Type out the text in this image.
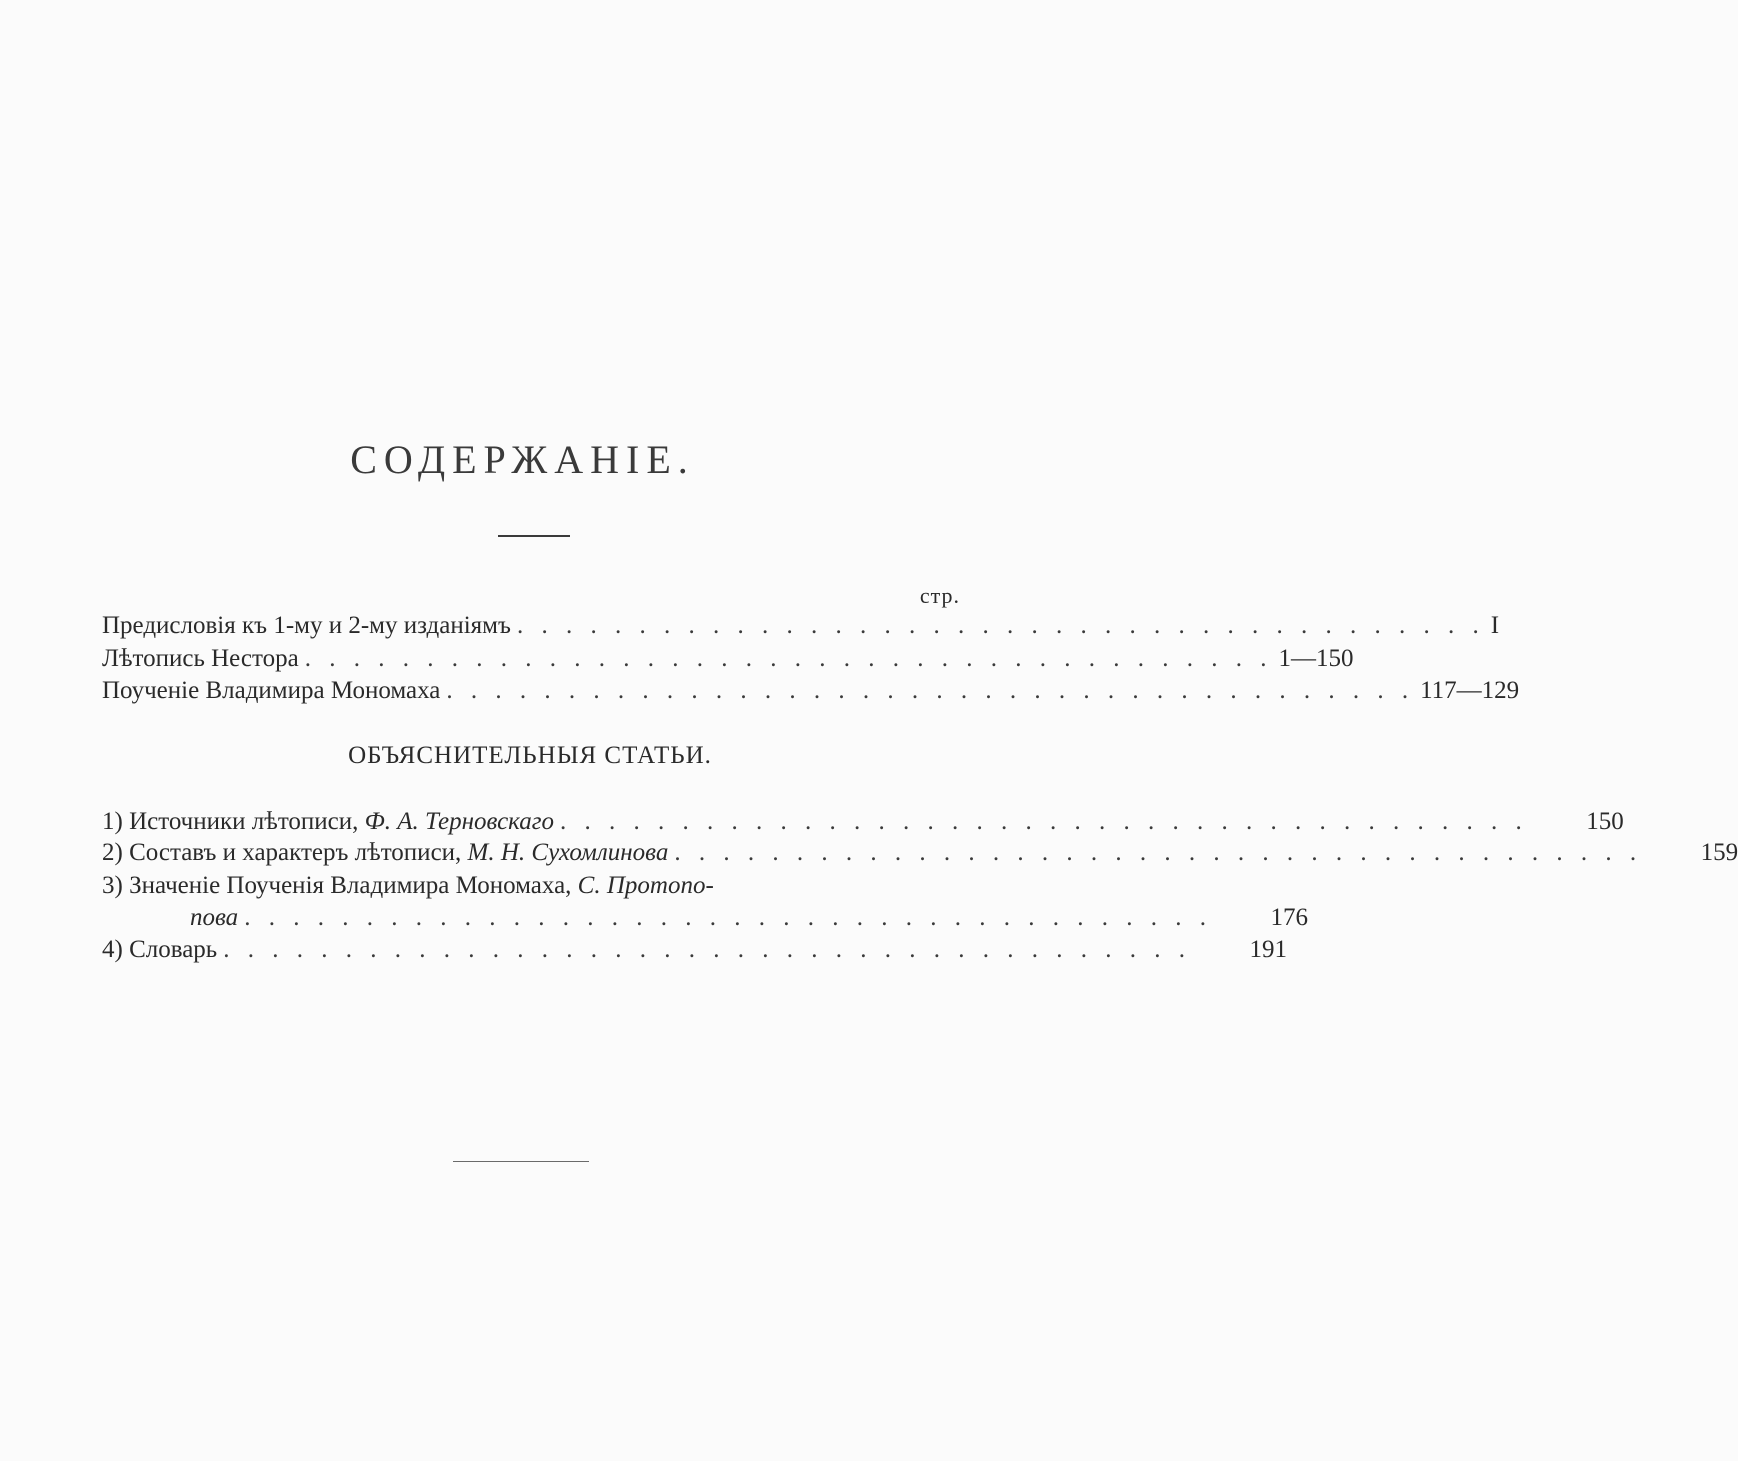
СОДЕРЖАНІЕ.
стр.
Предисловія къ 1-му и 2-му изданіямъ . . . . . . . . . . . . . . . . . . . . . . . . . . . . . . . . . . . . . . . . I
Лѣтопись Нестора . . . . . . . . . . . . . . . . . . . . . . . . . . . . . . . . . . . . . . . . 1—150
Поученіе Владимира Мономаха . . . . . . . . . . . . . . . . . . . . . . . . . . . . . . . . . . . . . . . . 117—129
ОБЪЯСНИТЕЛЬНЫЯ СТАТЬИ.
1) Источники лѣтописи, Ф. А. Терновскаго . . . . . . . . . . . . . . . . . . . . . . . . . . . . . . . . . . . . . . . .	150
2) Составъ и характеръ лѣтописи, М. Н. Сухомлинова . . . . . . . . . . . . . . . . . . . . . . . . . . . . . . . . . . . . . . . .	159
3) Значеніе Поученія Владимира Мономаха, С. Протопо-
пова . . . . . . . . . . . . . . . . . . . . . . . . . . . . . . . . . . . . . . . .	176
4) Словарь . . . . . . . . . . . . . . . . . . . . . . . . . . . . . . . . . . . . . . . .	191
